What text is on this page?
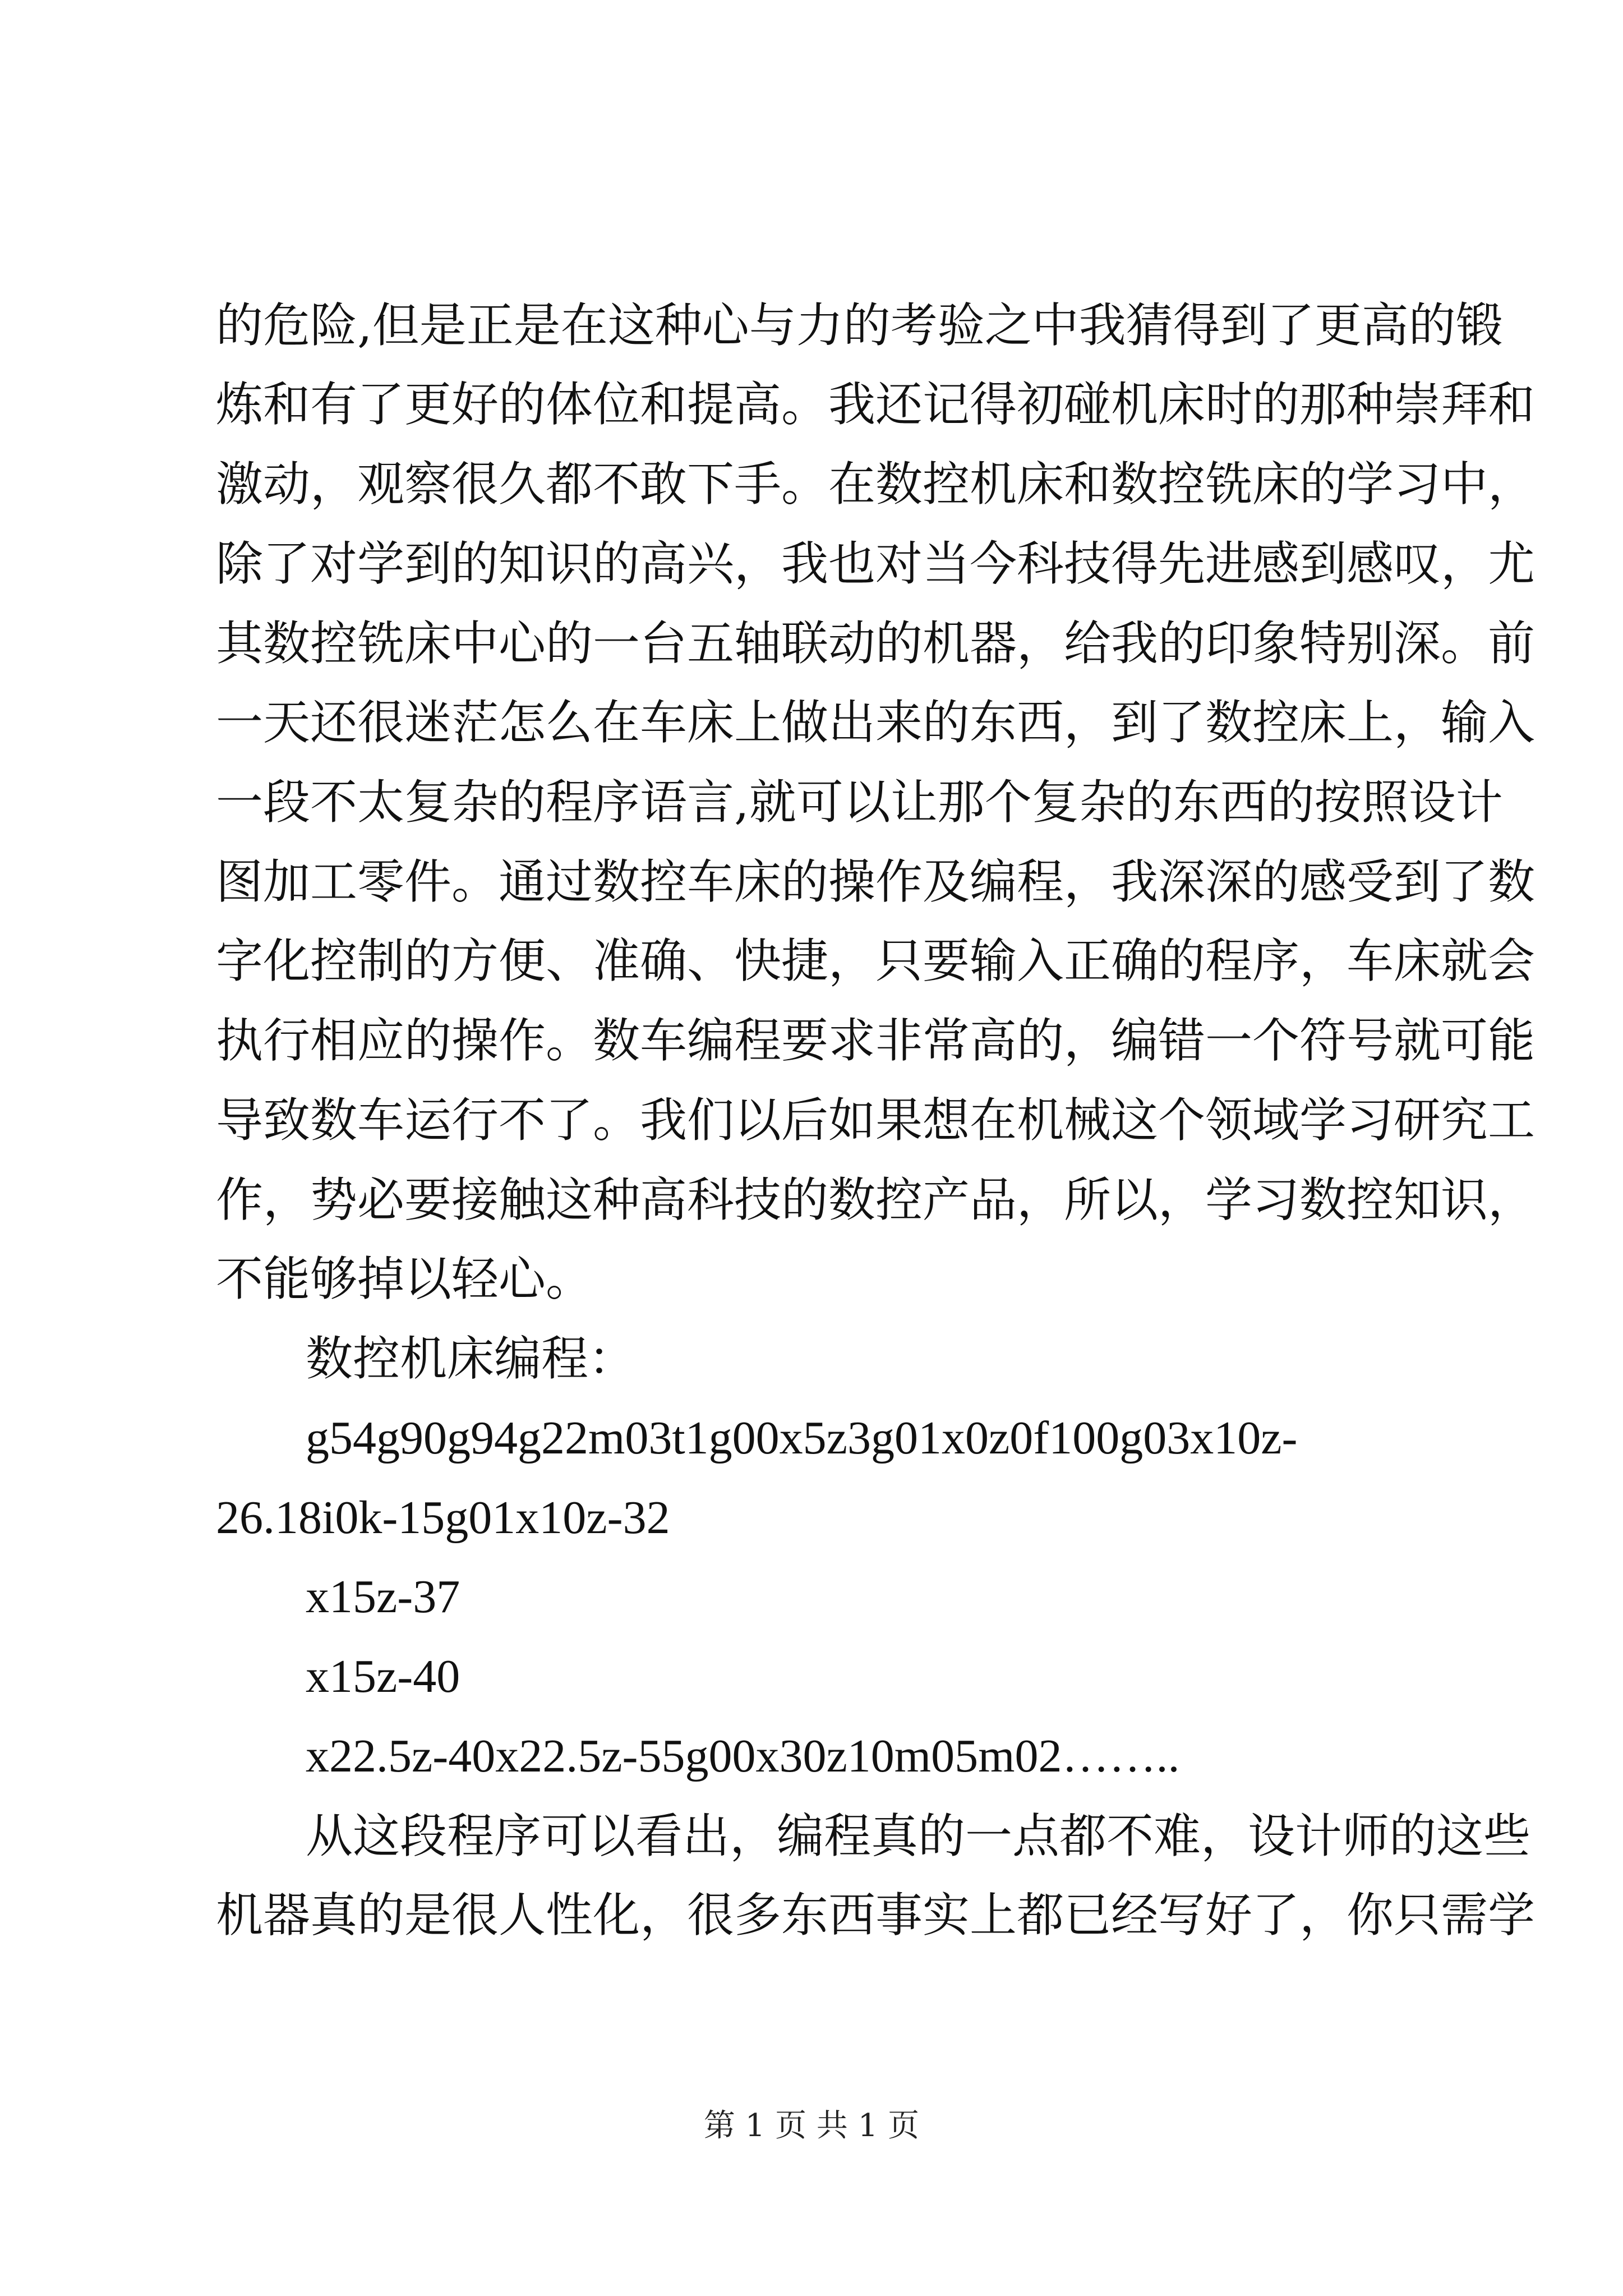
的危险,但是正是在这种心与力的考验之中我猜得到了更高的锻
炼和有了更好的体位和提高。我还记得初碰机床时的那种崇拜和
激动，观察很久都不敢下手。在数控机床和数控铣床的学习中，
除了对学到的知识的高兴，我也对当今科技得先进感到感叹，尤
其数控铣床中心的一台五轴联动的机器，给我的印象特别深。前
一天还很迷茫怎么在车床上做出来的东西，到了数控床上，输入
一段不太复杂的程序语言,就可以让那个复杂的东西的按照设计
图加工零件。通过数控车床的操作及编程，我深深的感受到了数
字化控制的方便、准确、快捷，只要输入正确的程序，车床就会
执行相应的操作。数车编程要求非常高的，编错一个符号就可能
导致数车运行不了。我们以后如果想在机械这个领域学习研究工
作，势必要接触这种高科技的数控产品，所以，学习数控知识，
不能够掉以轻心。
数控机床编程：
g54g90g94g22m03t1g00x5z3g01x0z0f100g03x10z-
26.18i0k-15g01x10z-32
x15z-37
x15z-40
x22.5z-40x22.5z-55g00x30z10m05m02……..
从这段程序可以看出，编程真的一点都不难，设计师的这些
机器真的是很人性化，很多东西事实上都已经写好了，你只需学
第 1 页 共 1 页
